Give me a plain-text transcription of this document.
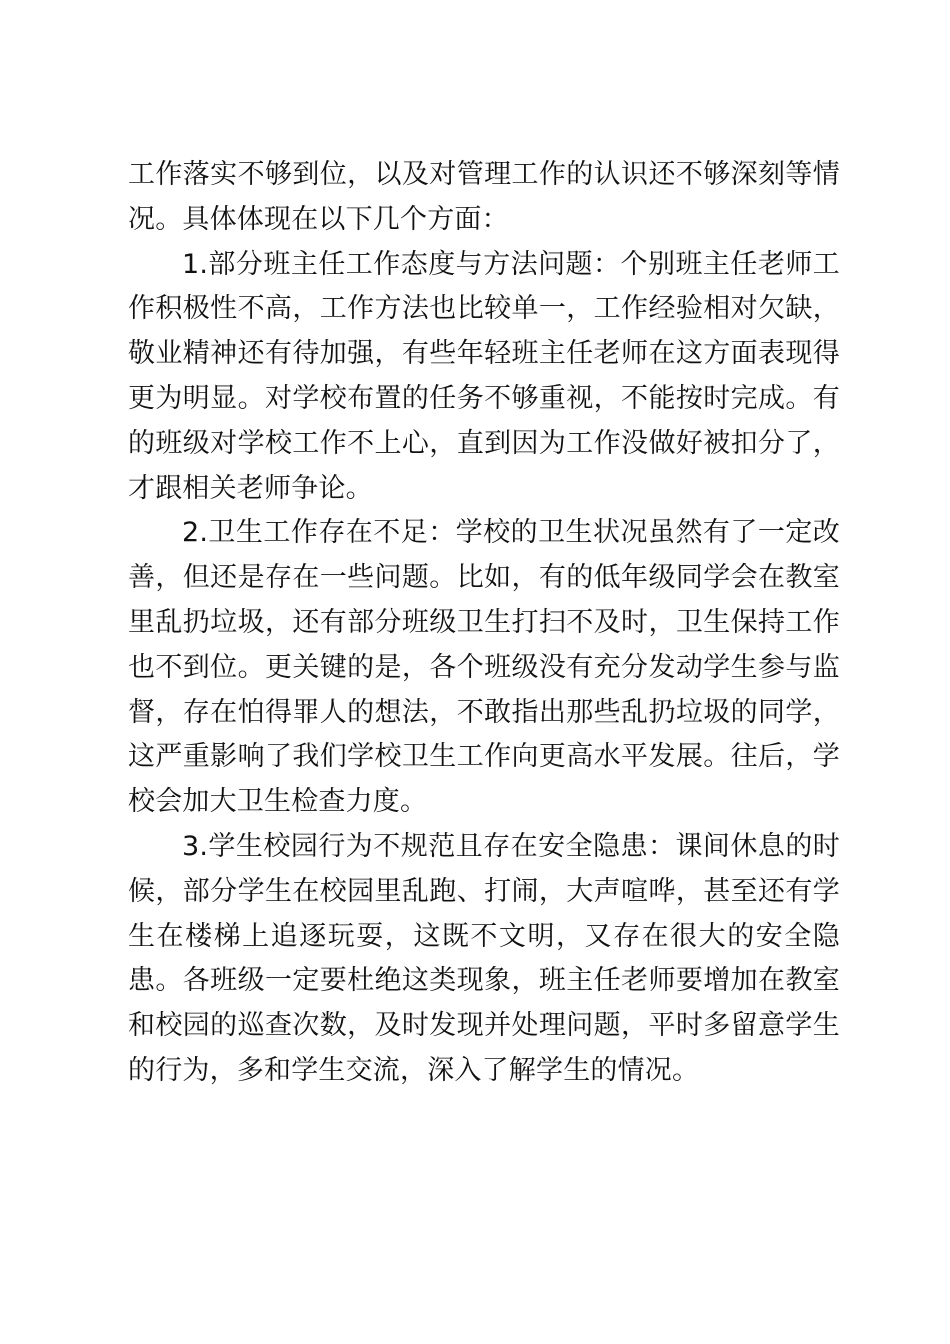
工作落实不够到位，以及对管理工作的认识还不够深刻等情况。具体体现在以下几个方面：

1.部分班主任工作态度与方法问题：个别班主任老师工作积极性不高，工作方法也比较单一，工作经验相对欠缺，敬业精神还有待加强，有些年轻班主任老师在这方面表现得更为明显。对学校布置的任务不够重视，不能按时完成。有的班级对学校工作不上心，直到因为工作没做好被扣分了，才跟相关老师争论。

2.卫生工作存在不足：学校的卫生状况虽然有了一定改善，但还是存在一些问题。比如，有的低年级同学会在教室里乱扔垃圾，还有部分班级卫生打扫不及时，卫生保持工作也不到位。更关键的是，各个班级没有充分发动学生参与监督，存在怕得罪人的想法，不敢指出那些乱扔垃圾的同学，这严重影响了我们学校卫生工作向更高水平发展。往后，学校会加大卫生检查力度。

3.学生校园行为不规范且存在安全隐患：课间休息的时候，部分学生在校园里乱跑、打闹，大声喧哗，甚至还有学生在楼梯上追逐玩耍，这既不文明，又存在很大的安全隐患。各班级一定要杜绝这类现象，班主任老师要增加在教室和校园的巡查次数，及时发现并处理问题，平时多留意学生的行为，多和学生交流，深入了解学生的情况。
